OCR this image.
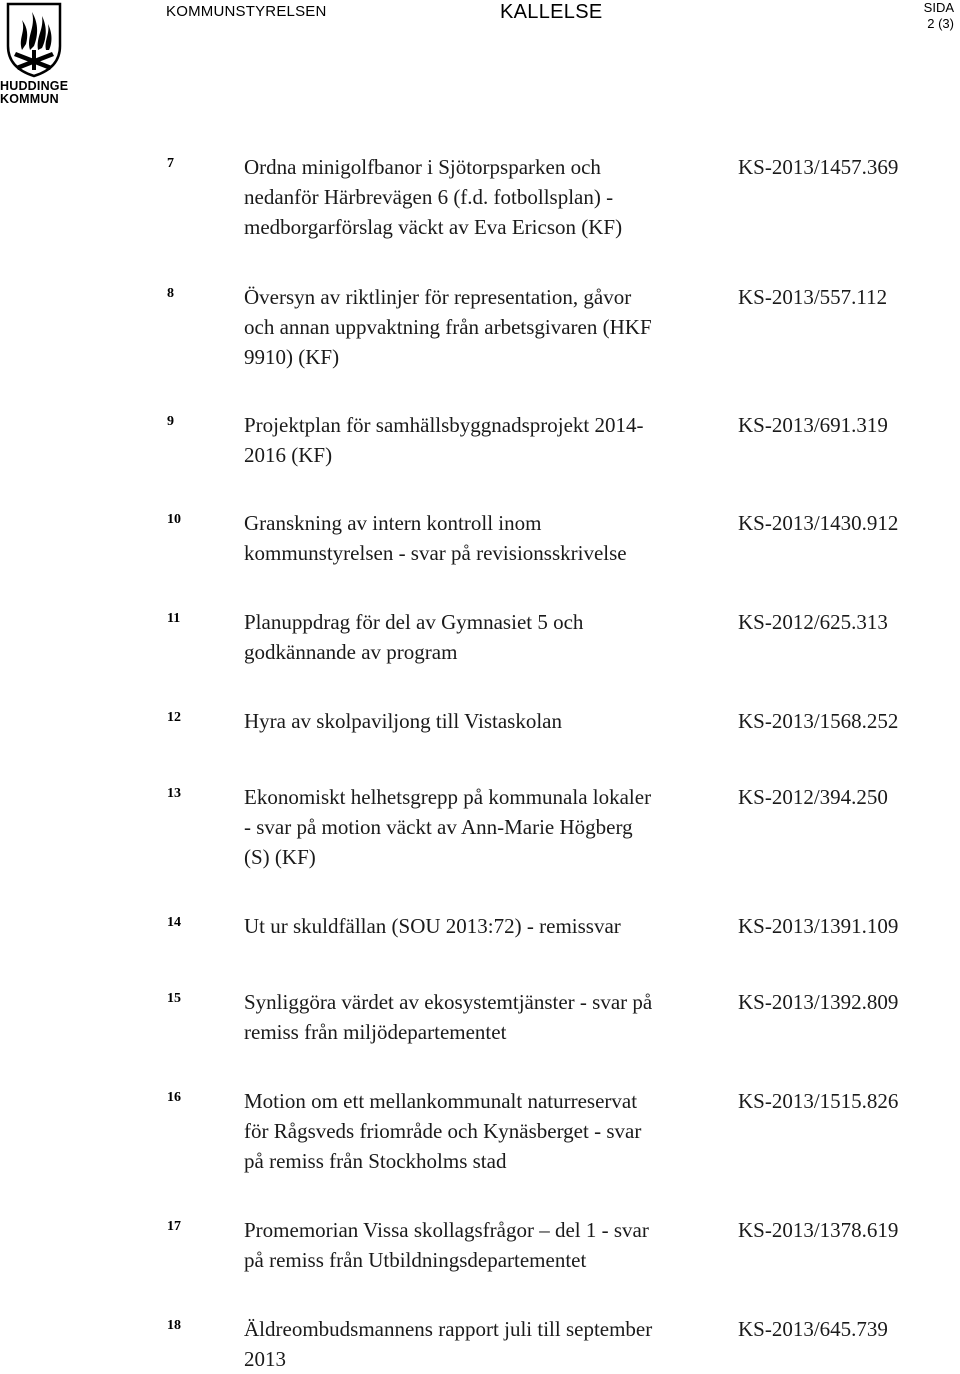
HUDDINGE
KOMMUN
KOMMUNSTYRELSEN	KALLELSE	SIDA
2 (3)
7	Ordna minigolfbanor i Sjötorpsparken och
nedanför Härbrevägen 6 (f.d. fotbollsplan) -
medborgarförslag väckt av Eva Ericson (KF)
KS-2013/1457.369
8	Översyn av riktlinjer för representation, gåvor
och annan uppvaktning från arbetsgivaren (HKF
9910) (KF)
KS-2013/557.112
9	Projektplan för samhällsbyggnadsprojekt 2014-
2016 (KF)
KS-2013/691.319
10	Granskning av intern kontroll inom
kommunstyrelsen - svar på revisionsskrivelse
KS-2013/1430.912
11	Planuppdrag för del av Gymnasiet 5 och
godkännande av program
KS-2012/625.313
12	Hyra av skolpaviljong till Vistaskolan	KS-2013/1568.252
13	Ekonomiskt helhetsgrepp på kommunala lokaler
- svar på motion väckt av Ann-Marie Högberg
(S) (KF)
KS-2012/394.250
14	Ut ur skuldfällan (SOU 2013:72) - remissvar	KS-2013/1391.109
15	Synliggöra värdet av ekosystemtjänster - svar på
remiss från miljödepartementet
KS-2013/1392.809
16	Motion om ett mellankommunalt naturreservat
för Rågsveds friområde och Kynäsberget - svar
på remiss från Stockholms stad
KS-2013/1515.826
17	Promemorian Vissa skollagsfrågor – del 1 - svar
på remiss från Utbildningsdepartementet
KS-2013/1378.619
18	Äldreombudsmannens rapport juli till september
2013
KS-2013/645.739
